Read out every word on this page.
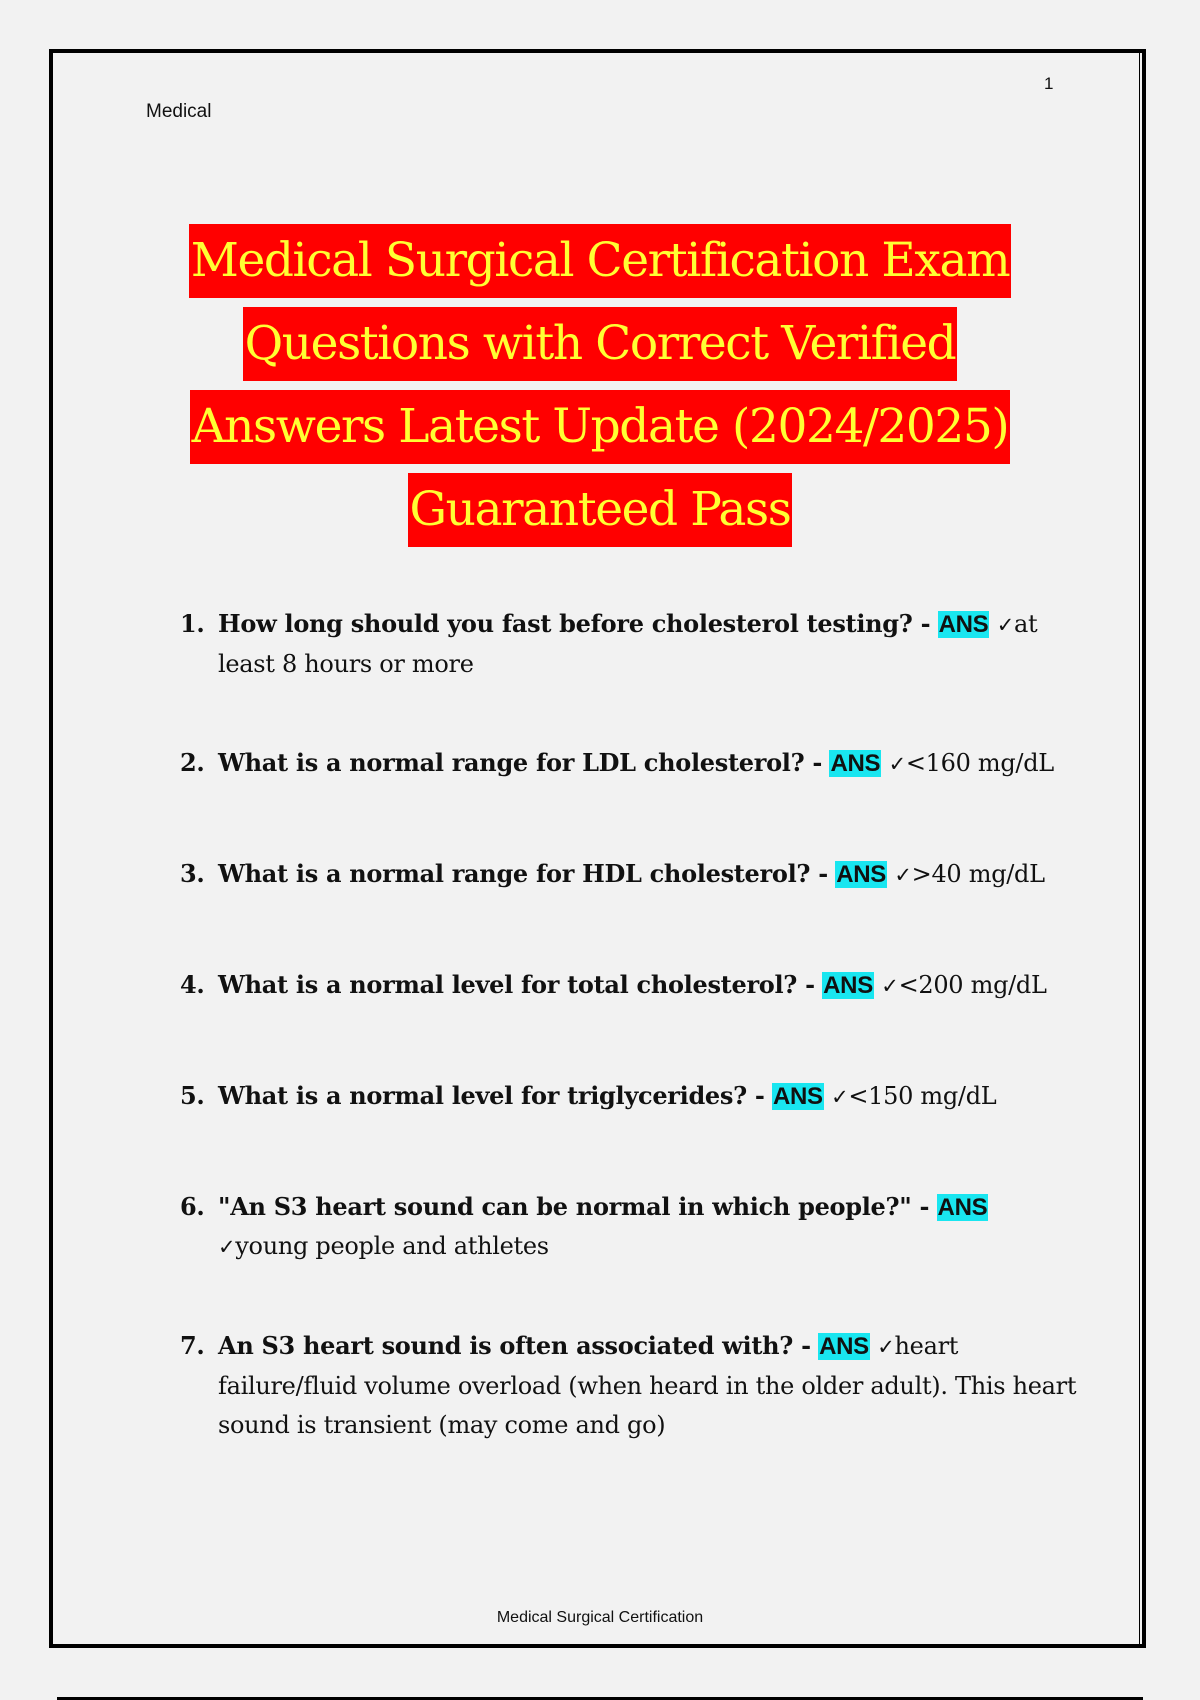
Medical
1
Medical Surgical Certification Exam
Questions with Correct Verified
Answers Latest Update (2024/2025)
Guaranteed Pass
1. How long should you fast before cholesterol testing? - ANS ✓at least 8 hours or more
2. What is a normal range for LDL cholesterol? - ANS ✓<160 mg/dL
3. What is a normal range for HDL cholesterol? - ANS ✓>40 mg/dL
4. What is a normal level for total cholesterol? - ANS ✓<200 mg/dL
5. What is a normal level for triglycerides? - ANS ✓<150 mg/dL
6. "An S3 heart sound can be normal in which people?" - ANS
✓young people and athletes
7. An S3 heart sound is often associated with? - ANS ✓heart failure/fluid volume overload (when heard in the older adult). This heart sound is transient (may come and go)
Medical Surgical Certification
